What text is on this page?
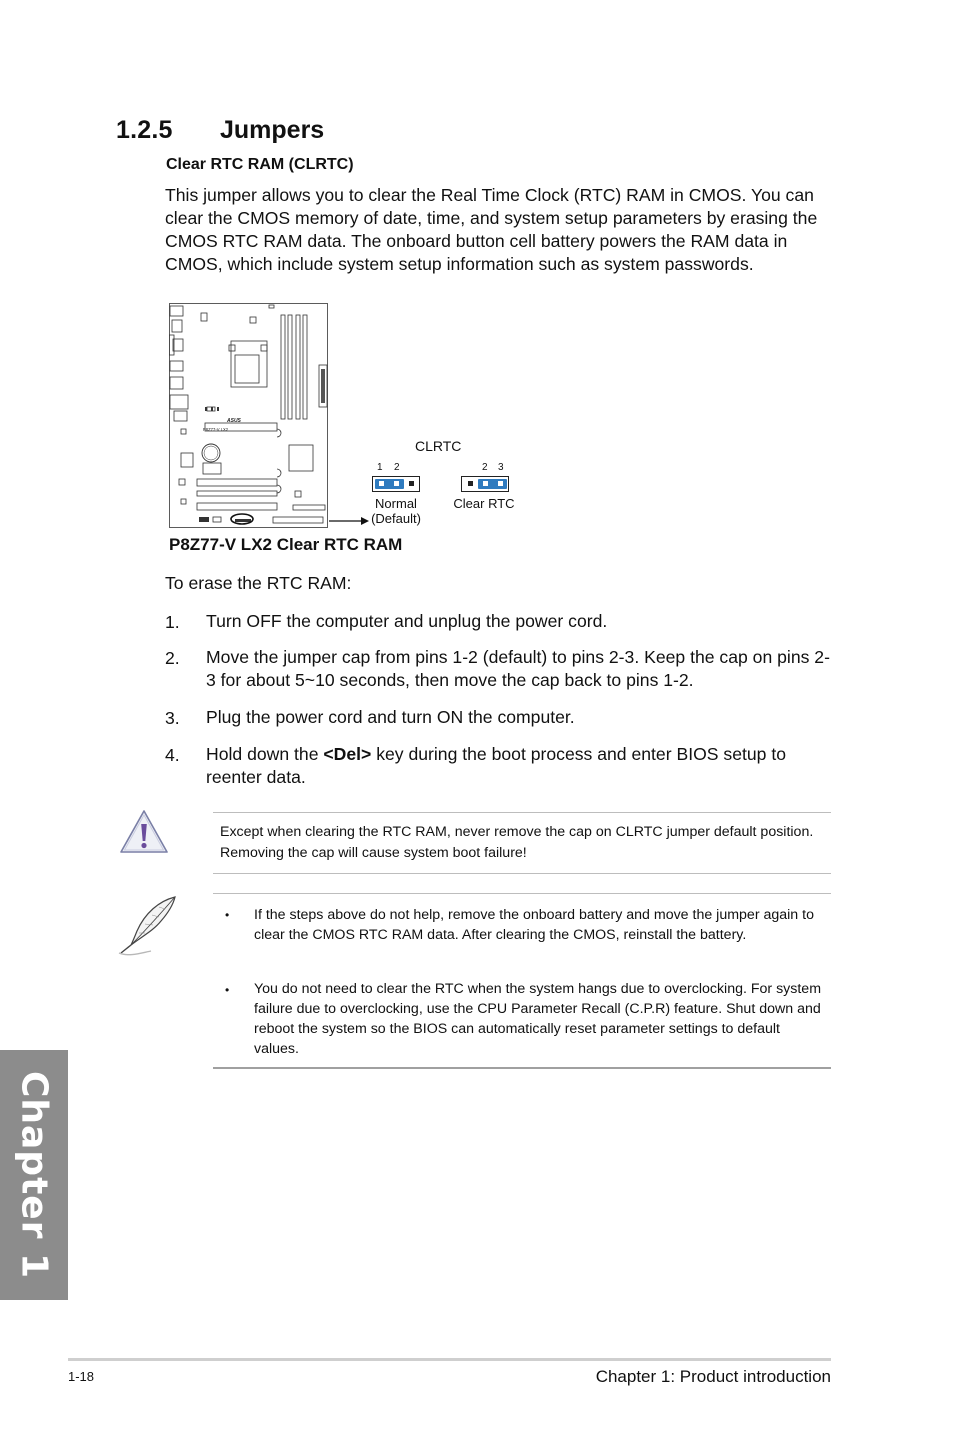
1.2.5 Jumpers
Clear RTC RAM (CLRTC)
This jumper allows you to clear the Real Time Clock (RTC) RAM in CMOS. You can clear the CMOS memory of date, time, and system setup parameters by erasing the CMOS RTC RAM data. The onboard button cell battery powers the RAM data in CMOS, which include system setup information such as system passwords.
ASUS
P8Z77-V LX2
CLRTC
1 2
Normal
(Default)
2 3
Clear RTC
P8Z77-V LX2 Clear RTC RAM
To erase the RTC RAM:
1. Turn OFF the computer and unplug the power cord.
2. Move the jumper cap from pins 1-2 (default) to pins 2-3. Keep the cap on pins 2-3 for about 5~10 seconds, then move the cap back to pins 1-2.
3. Plug the power cord and turn ON the computer.
4. Hold down the <Del> key during the boot process and enter BIOS setup to reenter data.
Except when clearing the RTC RAM, never remove the cap on CLRTC jumper default position. Removing the cap will cause system boot failure!
• If the steps above do not help, remove the onboard battery and move the jumper again to clear the CMOS RTC RAM data. After clearing the CMOS, reinstall the battery.
• You do not need to clear the RTC when the system hangs due to overclocking. For system failure due to overclocking, use the CPU Parameter Recall (C.P.R) feature. Shut down and reboot the system so the BIOS can automatically reset parameter settings to default values.
Chapter 1
1-18	Chapter 1: Product introduction
